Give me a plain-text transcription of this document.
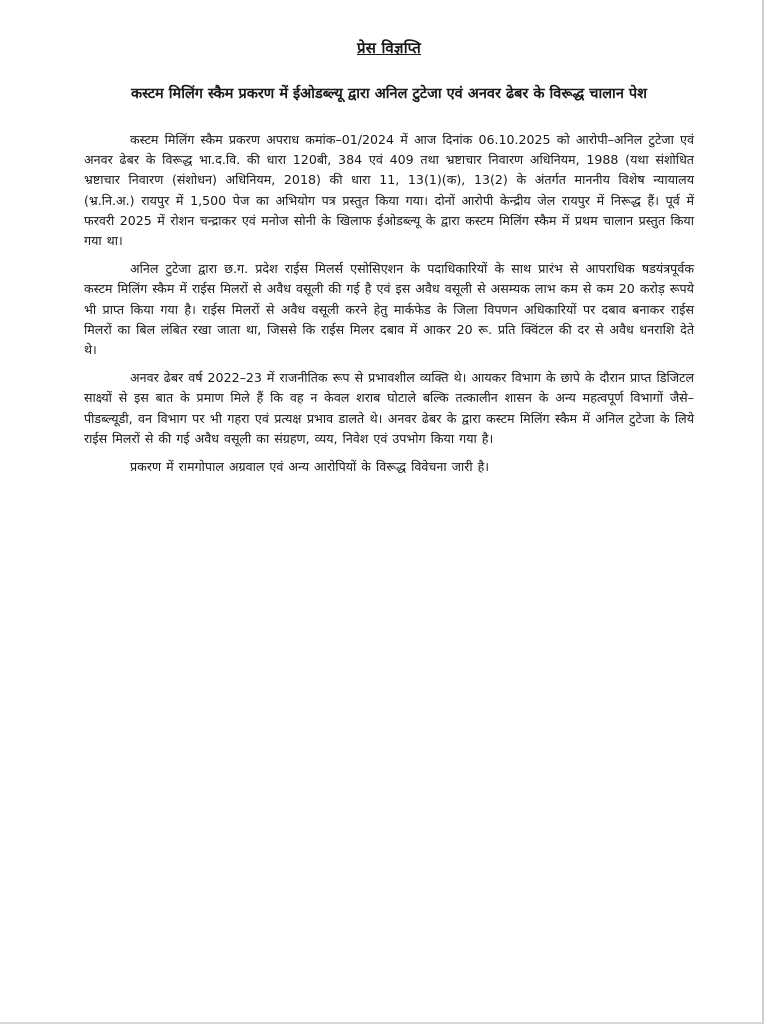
प्रेस विज्ञप्ति
कस्टम मिलिंग स्कैम प्रकरण में ईओडब्ल्यू द्वारा अनिल टुटेजा एवं अनवर ढेबर के विरूद्ध चालान पेश

कस्टम मिलिंग स्कैम प्रकरण अपराध कमांक–01/2024 में आज दिनांक 06.10.2025 को आरोपी–अनिल टुटेजा एवं अनवर ढेबर के विरूद्ध भा.द.वि. की धारा 120बी, 384 एवं 409 तथा भ्रष्टाचार निवारण अधिनियम, 1988 (यथा संशोधित भ्रष्टाचार निवारण (संशोधन) अधिनियम, 2018) की धारा 11, 13(1)(क), 13(2) के अंतर्गत माननीय विशेष न्यायालय (भ्र.नि.अ.) रायपुर में 1,500 पेज का अभियोग पत्र प्रस्तुत किया गया। दोनों आरोपी केन्द्रीय जेल रायपुर में निरूद्ध हैं। पूर्व में फरवरी 2025 में रोशन चन्द्राकर एवं मनोज सोनी के खिलाफ ईओडब्ल्यू के द्वारा कस्टम मिलिंग स्कैम में प्रथम चालान प्रस्तुत किया गया था।

अनिल टुटेजा द्वारा छ.ग. प्रदेश राईस मिलर्स एसोसिएशन के पदाधिकारियों के साथ प्रारंभ से आपराधिक षडयंत्रपूर्वक कस्टम मिलिंग स्कैम में राईस मिलरों से अवैध वसूली की गई है एवं इस अवैध वसूली से असम्यक लाभ कम से कम 20 करोड़ रूपये भी प्राप्त किया गया है। राईस मिलरों से अवैध वसूली करने हेतु मार्कफेड के जिला विपणन अधिकारियों पर दबाव बनाकर राईस मिलरों का बिल लंबित रखा जाता था, जिससे कि राईस मिलर दबाव में आकर 20 रू. प्रति क्विंटल की दर से अवैध धनराशि देते थे।

अनवर ढेबर वर्ष 2022–23 में राजनीतिक रूप से प्रभावशील व्यक्ति थे। आयकर विभाग के छापे के दौरान प्राप्त डिजिटल साक्ष्यों से इस बात के प्रमाण मिले हैं कि वह न केवल शराब घोटाले बल्कि तत्कालीन शासन के अन्य महत्वपूर्ण विभागों जैसे–पीडब्ल्यूडी, वन विभाग पर भी गहरा एवं प्रत्यक्ष प्रभाव डालते थे। अनवर ढेबर के द्वारा कस्टम मिलिंग स्कैम में अनिल टुटेजा के लिये राईस मिलरों से की गई अवैध वसूली का संग्रहण, व्यय, निवेश एवं उपभोग किया गया है।

प्रकरण में रामगोपाल अग्रवाल एवं अन्य आरोपियों के विरूद्ध विवेचना जारी है।
